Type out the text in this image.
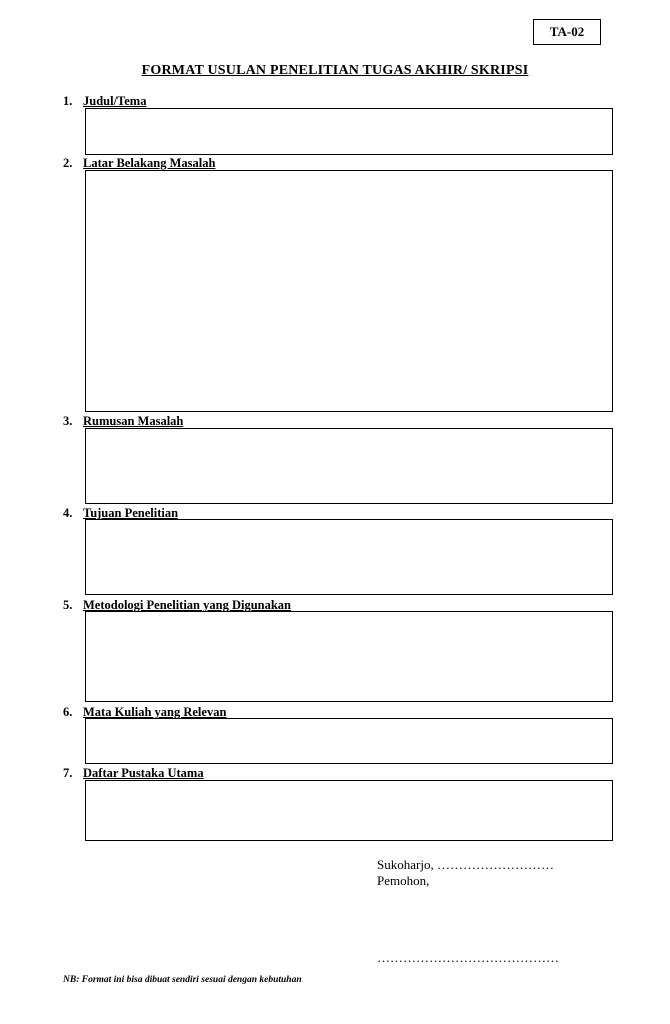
TA-02
FORMAT USULAN PENELITIAN TUGAS AKHIR/ SKRIPSI
1. Judul/Tema
2. Latar Belakang Masalah
3. Rumusan Masalah
4. Tujuan Penelitian
5. Metodologi Penelitian yang Digunakan
6. Mata Kuliah yang Relevan
7. Daftar Pustaka Utama
Sukoharjo, ………………………
Pemohon,
……………………………………
NB: Format ini bisa dibuat sendiri sesuai dengan kebutuhan
